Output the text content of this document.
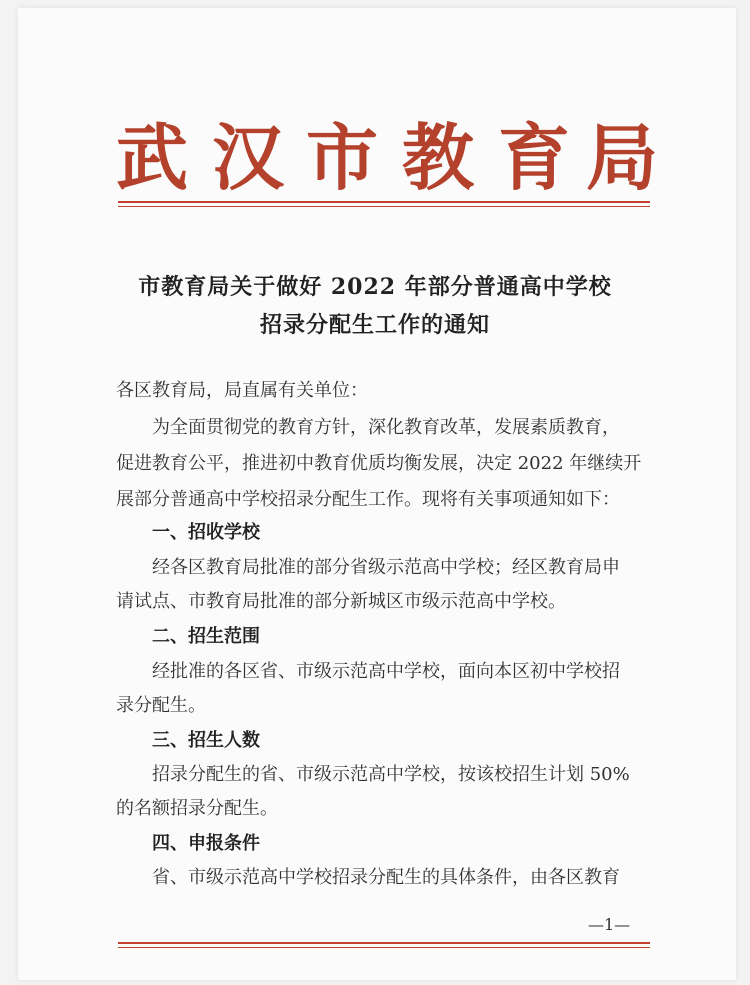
武 汉 市 教 育 局
市教育局关于做好 2022 年部分普通高中学校
招录分配生工作的通知
各区教育局，局直属有关单位：
为全面贯彻党的教育方针，深化教育改革，发展素质教育，
促进教育公平，推进初中教育优质均衡发展，决定 2022 年继续开
展部分普通高中学校招录分配生工作。现将有关事项通知如下：
一、招收学校
经各区教育局批准的部分省级示范高中学校；经区教育局申
请试点、市教育局批准的部分新城区市级示范高中学校。
二、招生范围
经批准的各区省、市级示范高中学校，面向本区初中学校招
录分配生。
三、招生人数
招录分配生的省、市级示范高中学校，按该校招生计划 50%
的名额招录分配生。
四、申报条件
省、市级示范高中学校招录分配生的具体条件，由各区教育
—1—
